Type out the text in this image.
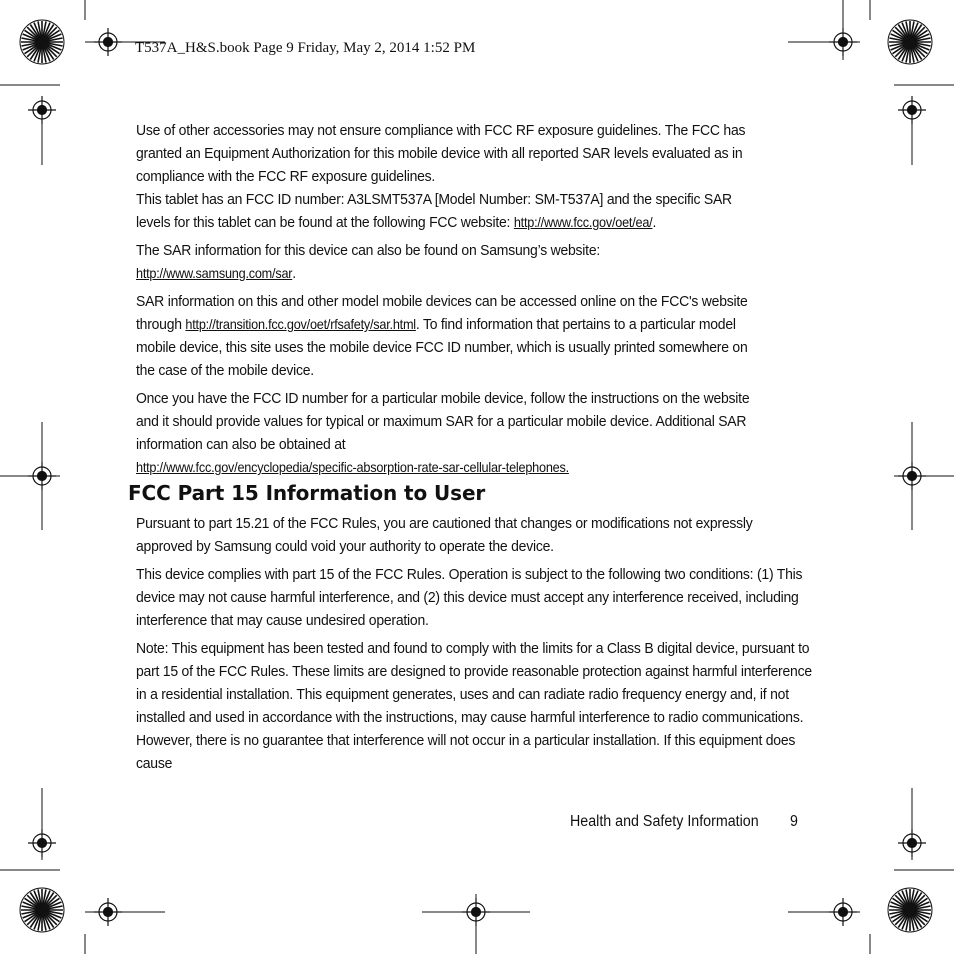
T537A_H&S.book Page 9 Friday, May 2, 2014 1:52 PM

Use of other accessories may not ensure compliance with FCC RF exposure guidelines. The FCC has granted an Equipment Authorization for this mobile device with all reported SAR levels evaluated as in compliance with the FCC RF exposure guidelines.

This tablet has an FCC ID number: A3LSMT537A [Model Number: SM-T537A] and the specific SAR levels for this tablet can be found at the following FCC website: http://www.fcc.gov/oet/ea/.

The SAR information for this device can also be found on Samsung’s website:
http://www.samsung.com/sar.

SAR information on this and other model mobile devices can be accessed online on the FCC's website through http://transition.fcc.gov/oet/rfsafety/sar.html. To find information that pertains to a particular model mobile device, this site uses the mobile device FCC ID number, which is usually printed somewhere on the case of the mobile device.

Once you have the FCC ID number for a particular mobile device, follow the instructions on the website and it should provide values for typical or maximum SAR for a particular mobile device. Additional SAR information can also be obtained at
http://www.fcc.gov/encyclopedia/specific-absorption-rate-sar-cellular-telephones.

FCC Part 15 Information to User

Pursuant to part 15.21 of the FCC Rules, you are cautioned that changes or modifications not expressly approved by Samsung could void your authority to operate the device.

This device complies with part 15 of the FCC Rules. Operation is subject to the following two conditions: (1) This device may not cause harmful interference, and (2) this device must accept any interference received, including interference that may cause undesired operation.

Note: This equipment has been tested and found to comply with the limits for a Class B digital device, pursuant to part 15 of the FCC Rules. These limits are designed to provide reasonable protection against harmful interference in a residential installation. This equipment generates, uses and can radiate radio frequency energy and, if not installed and used in accordance with the instructions, may cause harmful interference to radio communications. However, there is no guarantee that interference will not occur in a particular installation. If this equipment does cause

Health and Safety Information 9
